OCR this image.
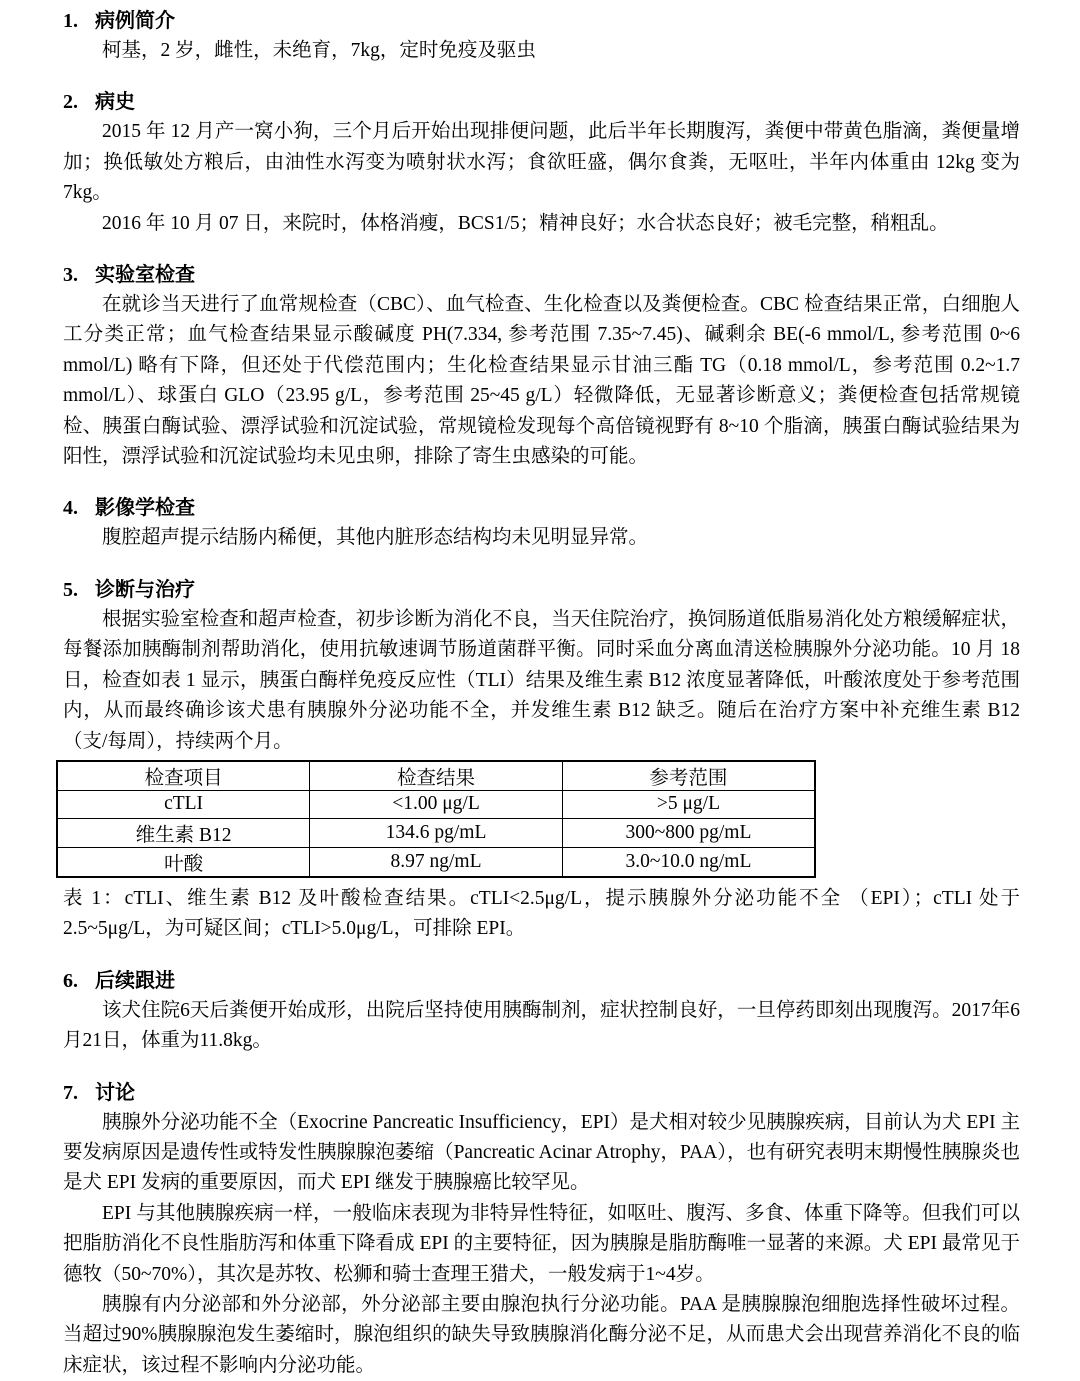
1. 病例简介

柯基，2 岁，雌性，未绝育，7kg，定时免疫及驱虫

2. 病史

2015 年 12 月产一窝小狗，三个月后开始出现排便问题，此后半年长期腹泻，粪便中带黄色脂滴，粪便量增加；换低敏处方粮后，由油性水泻变为喷射状水泻；食欲旺盛，偶尔食粪，无呕吐，半年内体重由 12kg 变为 7kg。

2016 年 10 月 07 日，来院时，体格消瘦，BCS1/5；精神良好；水合状态良好；被毛完整，稍粗乱。

3. 实验室检查

在就诊当天进行了血常规检查（CBC）、血气检查、生化检查以及粪便检查。CBC 检查结果正常，白细胞人工分类正常；血气检查结果显示酸碱度 PH(7.334, 参考范围 7.35~7.45)、碱剩余 BE(-6 mmol/L, 参考范围 0~6 mmol/L) 略有下降，但还处于代偿范围内；生化检查结果显示甘油三酯 TG（0.18 mmol/L，参考范围 0.2~1.7 mmol/L）、球蛋白 GLO（23.95 g/L，参考范围 25~45 g/L）轻微降低，无显著诊断意义；粪便检查包括常规镜检、胰蛋白酶试验、漂浮试验和沉淀试验，常规镜检发现每个高倍镜视野有 8~10 个脂滴，胰蛋白酶试验结果为阳性，漂浮试验和沉淀试验均未见虫卵，排除了寄生虫感染的可能。

4. 影像学检查

腹腔超声提示结肠内稀便，其他内脏形态结构均未见明显异常。

5. 诊断与治疗

根据实验室检查和超声检查，初步诊断为消化不良，当天住院治疗，换饲肠道低脂易消化处方粮缓解症状，每餐添加胰酶制剂帮助消化，使用抗敏速调节肠道菌群平衡。同时采血分离血清送检胰腺外分泌功能。10 月 18 日，检查如表 1 显示，胰蛋白酶样免疫反应性（TLI）结果及维生素 B12 浓度显著降低，叶酸浓度处于参考范围内，从而最终确诊该犬患有胰腺外分泌功能不全，并发维生素 B12 缺乏。随后在治疗方案中补充维生素 B12（支/每周），持续两个月。

检查项目	检查结果	参考范围
cTLI	<1.00 μg/L	>5 μg/L
维生素 B12	134.6 pg/mL	300~800 pg/mL
叶酸	8.97 ng/mL	3.0~10.0 ng/mL

表 1：cTLI、维生素 B12 及叶酸检查结果。cTLI<2.5μg/L，提示胰腺外分泌功能不全 （EPI）；cTLI 处于 2.5~5μg/L，为可疑区间；cTLI>5.0μg/L，可排除 EPI。

6. 后续跟进

该犬住院6天后粪便开始成形，出院后坚持使用胰酶制剂，症状控制良好，一旦停药即刻出现腹泻。2017年6月21日，体重为11.8kg。

7. 讨论

胰腺外分泌功能不全（Exocrine Pancreatic Insufficiency，EPI）是犬相对较少见胰腺疾病，目前认为犬 EPI 主要发病原因是遗传性或特发性胰腺腺泡萎缩（Pancreatic Acinar Atrophy，PAA），也有研究表明末期慢性胰腺炎也是犬 EPI 发病的重要原因，而犬 EPI 继发于胰腺癌比较罕见。

EPI 与其他胰腺疾病一样，一般临床表现为非特异性特征，如呕吐、腹泻、多食、体重下降等。但我们可以把脂肪消化不良性脂肪泻和体重下降看成 EPI 的主要特征，因为胰腺是脂肪酶唯一显著的来源。犬 EPI 最常见于德牧（50~70%），其次是苏牧、松狮和骑士查理王猎犬，一般发病于1~4岁。

胰腺有内分泌部和外分泌部，外分泌部主要由腺泡执行分泌功能。PAA 是胰腺腺泡细胞选择性破坏过程。当超过90%胰腺腺泡发生萎缩时，腺泡组织的缺失导致胰腺消化酶分泌不足，从而患犬会出现营养消化不良的临床症状，该过程不影响内分泌功能。
